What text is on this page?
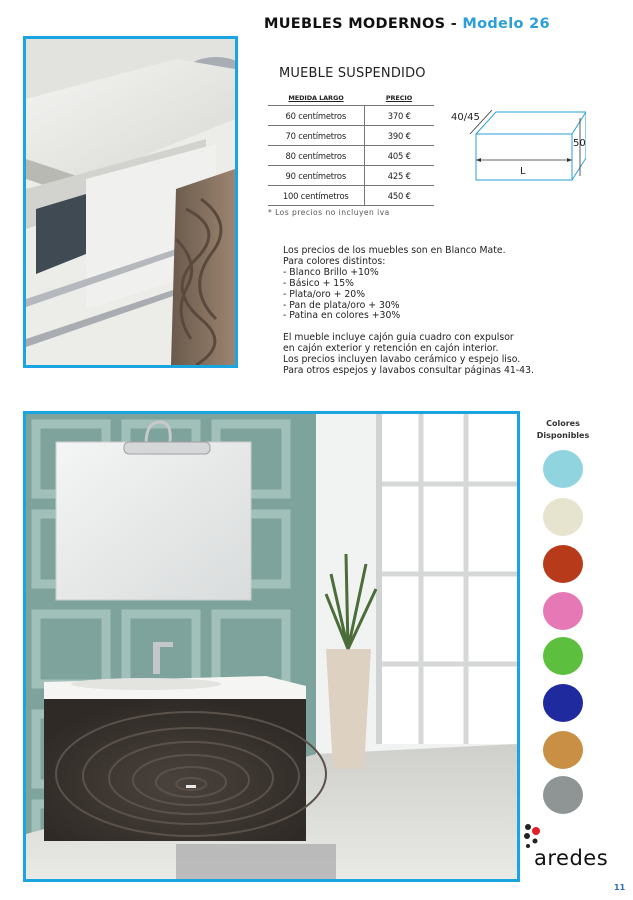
MUEBLES MODERNOS - Modelo 26
MUEBLE SUSPENDIDO
MEDIDA LARGO	PRECIO
60 centímetros	370 €
70 centímetros	390 €
80 centímetros	405 €
90 centímetros	425 €
100 centímetros	450 €
* Los precios no incluyen iva
40/45
50
L
Los precios de los muebles son en Blanco Mate.
Para colores distintos:
- Blanco Brillo +10%
- Básico + 15%
- Plata/oro + 20%
- Pan de plata/oro + 30%
- Patina en colores +30%
El mueble incluye cajón guia cuadro con expulsor
en cajón exterior y retención en cajón interior.
Los precios incluyen lavabo cerámico y espejo liso.
Para otros espejos y lavabos consultar páginas 41-43.
Colores
Disponibles
aredes
11
